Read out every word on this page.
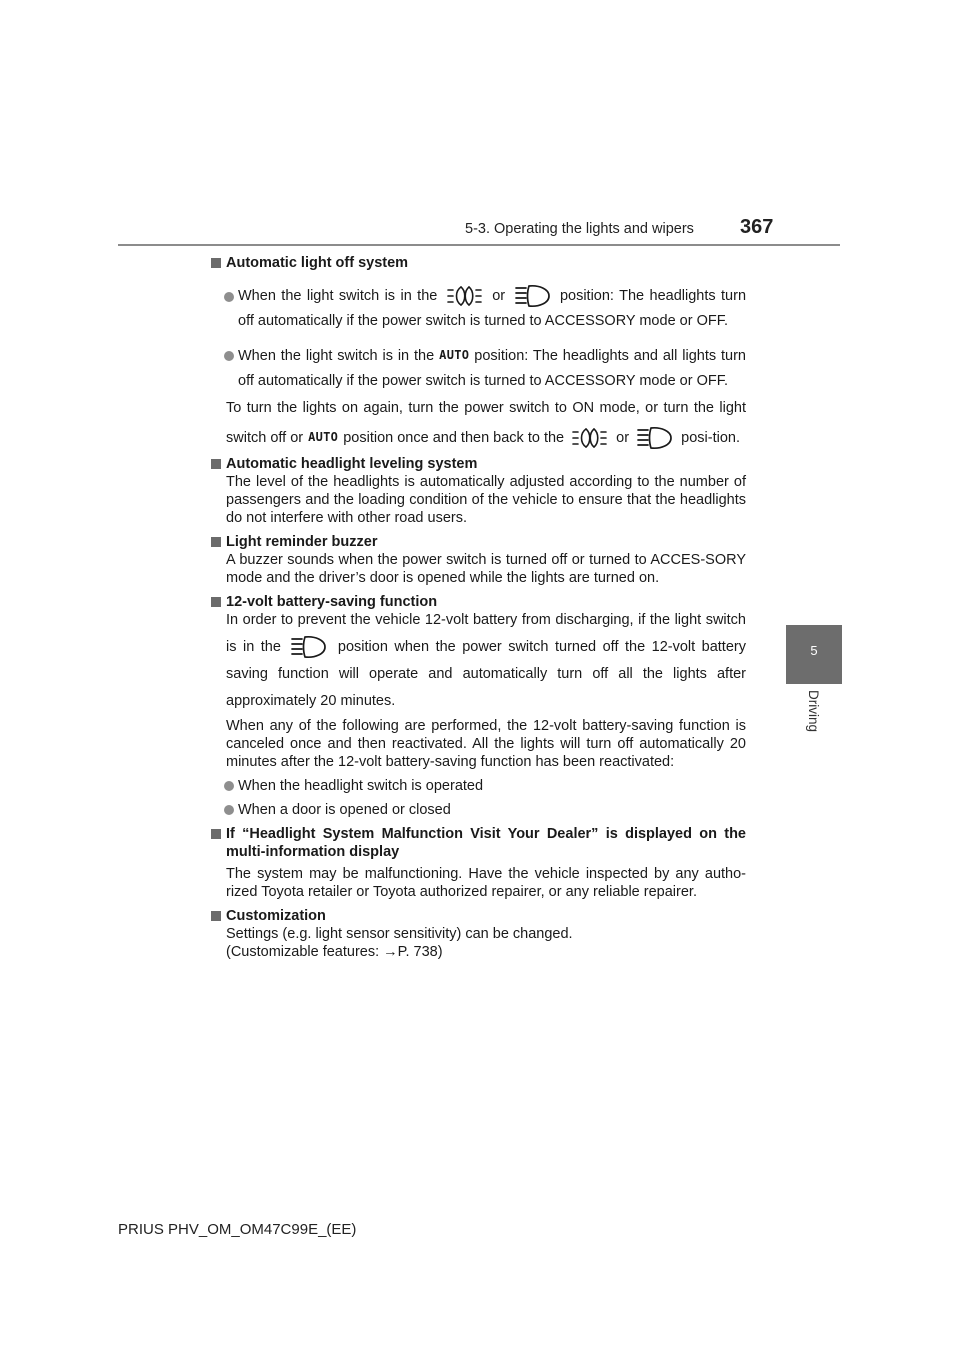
5-3. Operating the lights and wipers 367
5
Driving
Automatic light off system
When the light switch is in the	or	position: The headlights turn off automatically if the power switch is turned to ACCESSORY mode or OFF.
When the light switch is in the AUTO position: The headlights and all lights turn off automatically if the power switch is turned to ACCESSORY mode or OFF.
To turn the lights on again, turn the power switch to ON mode, or turn the light switch off or AUTO position once and then back to the	or	posi-tion.
Automatic headlight leveling system
The level of the headlights is automatically adjusted according to the number of passengers and the loading condition of the vehicle to ensure that the headlights do not interfere with other road users.
Light reminder buzzer
A buzzer sounds when the power switch is turned off or turned to ACCES-SORY mode and the driver’s door is opened while the lights are turned on.
12-volt battery-saving function
In order to prevent the vehicle 12-volt battery from discharging, if the light switch is in the	position when the power switch turned off the 12-volt battery saving function will operate and automatically turn off all the lights after approximately 20 minutes.
When any of the following are performed, the 12-volt battery-saving function is canceled once and then reactivated. All the lights will turn off automatically 20 minutes after the 12-volt battery-saving function has been reactivated:
When the headlight switch is operated
When a door is opened or closed
If “Headlight System Malfunction Visit Your Dealer” is displayed on the multi-information display
The system may be malfunctioning. Have the vehicle inspected by any autho-rized Toyota retailer or Toyota authorized repairer, or any reliable repairer.
Customization
Settings (e.g. light sensor sensitivity) can be changed.
(Customizable features: →P. 738)
PRIUS PHV_OM_OM47C99E_(EE)
